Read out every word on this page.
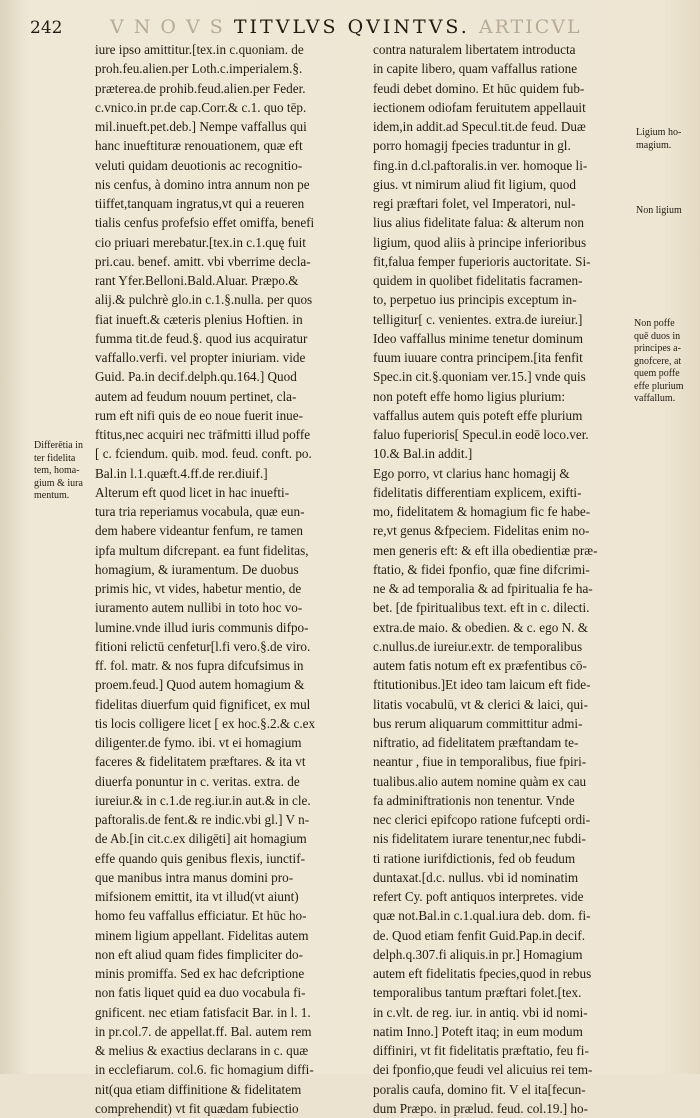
242	V N O V S TITVLVS QVINTVS. ARTICVL
iure ipso amittitur.[tex.in c.quoniam. de
proh.feu.alien.per Loth.c.imperialem.§.
præterea.de prohib.feud.alien.per Feder.
c.vnico.in pr.de cap.Corr.& c.1. quo tēp.
mil.inueft.pet.deb.] Nempe vaffallus qui
hanc inueftituræ renouationem, quæ eft
veluti quidam deuotionis ac recognitio-
nis cenfus, à domino intra annum non pe
tiiffet,tanquam ingratus,vt qui a reueren
tialis cenfus profefsio effet omiffa, benefi
cio priuari merebatur.[tex.in c.1.quę fuit
pri.cau. benef. amitt. vbi vberrime decla-
rant Yfer.Belloni.Bald.Aluar. Præpo.&
alij.& pulchrè glo.in c.1.§.nulla. per quos
fiat inueft.& cæteris plenius Hoftien. in
fumma tit.de feud.§. quod ius acquiratur
vaffallo.verfi. vel propter iniuriam. vide
Guid. Pa.in decif.delph.qu.164.] Quod
autem ad feudum nouum pertinet, cla-
rum eft nifi quis de eo noue fuerit inue-
ftitus,nec acquiri nec trāfmitti illud poffe
[ c. fciendum. quib. mod. feud. conft. po.
Bal.in l.1.quæft.4.ff.de rer.diuif.]
Alterum eft quod licet in hac inuefti-
tura tria reperiamus vocabula, quæ eun-
dem habere videantur fenfum, re tamen
ipfa multum difcrepant. ea funt fidelitas,
homagium, & iuramentum. De duobus
primis hic, vt vides, habetur mentio, de
iuramento autem nullibi in toto hoc vo-
lumine.vnde illud iuris communis difpo-
fitioni relictū cenfetur[l.fi vero.§.de viro.
ff. fol. matr. & nos fupra difcufsimus in
proem.feud.] Quod autem homagium &
fidelitas diuerfum quid fignificet, ex mul
tis locis colligere licet [ ex hoc.§.2.& c.ex
diligenter.de fymo. ibi. vt ei homagium
faceres & fidelitatem præftares. & ita vt
diuerfa ponuntur in c. veritas. extra. de
iureiur.& in c.1.de reg.iur.in aut.& in cle.
paftoralis.de fent.& re indic.vbi gl.] V n-
de Ab.[in cit.c.ex diligēti] ait homagium
effe quando quis genibus flexis, iunctif-
que manibus intra manus domini pro-
mifsionem emittit, ita vt illud(vt aiunt)
homo feu vaffallus efficiatur. Et hūc ho-
minem ligium appellant. Fidelitas autem
non eft aliud quam fides fimpliciter do-
minis promiffa. Sed ex hac defcriptione
non fatis liquet quid ea duo vocabula fi-
gnificent. nec etiam fatisfacit Bar. in l. 1.
in pr.col.7. de appellat.ff. Bal. autem rem
& melius & exactius declarans in c. quæ
in ecclefiarum. col.6. fic homagium diffi-
nit(qua etiam diffinitione & fidelitatem
comprehendit) vt fit quædam fubiectio
contra naturalem libertatem introducta
in capite libero, quam vaffallus ratione
feudi debet domino. Et hūc quidem fub-
iectionem odiofam feruitutem appellauit
idem,in addit.ad Specul.tit.de feud. Duæ
porro homagij fpecies traduntur in gl.
fing.in d.cl.paftoralis.in ver. homoque li-
gius. vt nimirum aliud fit ligium, quod
regi præftari folet, vel Imperatori, nul-
lius alius fidelitate falua: & alterum non
ligium, quod aliis à principe inferioribus
fit,falua femper fuperioris auctoritate. Si-
quidem in quolibet fidelitatis facramen-
to, perpetuo ius principis exceptum in-
telligitur[ c. venientes. extra.de iureiur.]
Ideo vaffallus minime tenetur dominum
fuum iuuare contra principem.[ita fenfit
Spec.in cit.§.quoniam ver.15.] vnde quis
non poteft effe homo ligius plurium:
vaffallus autem quis poteft effe plurium
faluo fuperioris[ Specul.in eodē loco.ver.
10.& Bal.in addit.]
Ego porro, vt clarius hanc homagij &
fidelitatis differentiam explicem, exifti-
mo, fidelitatem & homagium fic fe habe-
re,vt genus &fpeciem. Fidelitas enim no-
men generis eft: & eft illa obedientiæ præ-
ftatio, & fidei fponfio, quæ fine difcrimi-
ne & ad temporalia & ad fpiritualia fe ha-
bet. [de fpiritualibus text. eft in c. dilecti.
extra.de maio. & obedien. & c. ego N. &
c.nullus.de iureiur.extr. de temporalibus
autem fatis notum eft ex præfentibus cō-
ftitutionibus.]Et ideo tam laicum eft fide-
litatis vocabulū, vt & clerici & laici, qui-
bus rerum aliquarum committitur admi-
niftratio, ad fidelitatem præftandam te-
neantur , fiue in temporalibus, fiue fpiri-
tualibus.alio autem nomine quàm ex cau
fa adminiftrationis non tenentur. Vnde
nec clerici epifcopo ratione fufcepti ordi-
nis fidelitatem iurare tenentur,nec fubdi-
ti ratione iurifdictionis, fed ob feudum
duntaxat.[d.c. nullus. vbi id nominatim
refert Cy. poft antiquos interpretes. vide
quæ not.Bal.in c.1.qual.iura deb. dom. fi-
de. Quod etiam fenfit Guid.Pap.in decif.
delph.q.307.fi aliquis.in pr.] Homagium
autem eft fidelitatis fpecies,quod in rebus
temporalibus tantum præftari folet.[tex.
in c.vlt. de reg. iur. in antiq. vbi id nomi-
natim Inno.] Poteft itaq; in eum modum
diffiniri, vt fit fidelitatis præftatio, feu fi-
dei fponfio,que feudi vel alicuius rei tem-
poralis caufa, domino fit. V el ita[fecun-
dum Præpo. in prælud. feud. col.19.] ho-
Differētia in
ter fidelita
tem, homa-
gium & iura
mentum.
Ligium ho-
magium.
Non ligium
Non poffe
quē duos in
principes a-
gnofcere, at
quem poffe
effe plurium
vaffallum.
